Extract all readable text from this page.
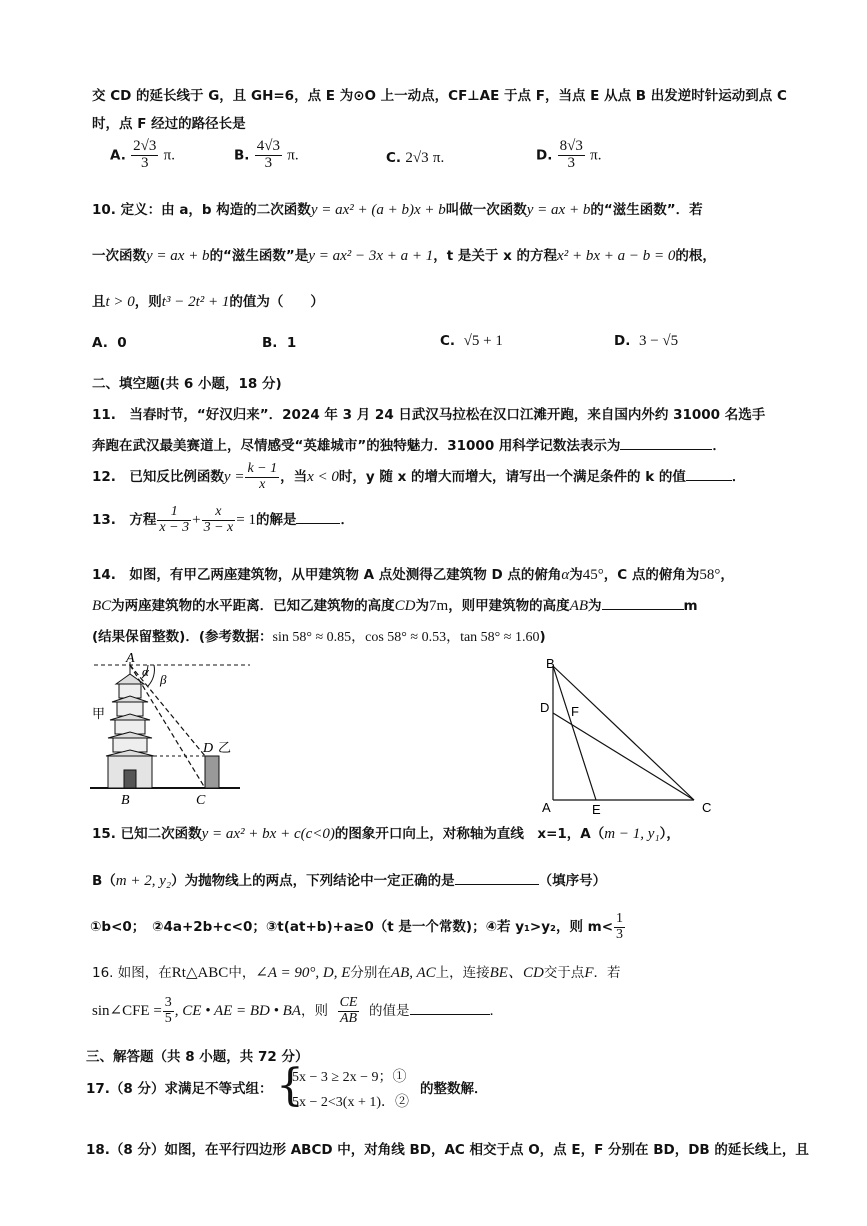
交 CD 的延长线于 G，且 GH=6，点 E 为⊙O 上一动点，CF⊥AE 于点 F，当点 E 从点 B 出发逆时针运动到点 C
时，点 F 经过的路径长是
A. $\frac{2√3}{3} \pi$.	B. $\frac{4√3}{3} \pi$.	C. 2√3 π.	D. $\frac{8√3}{3} \pi$.
10. 定义：由 a，b 构造的二次函数y = ax² + (a + b)x + b叫做一次函数y = ax + b的“滋生函数”．若
一次函数y = ax + b的“滋生函数”是y = ax² − 3x + a + 1，t 是关于 x 的方程x² + bx + a − b = 0的根，
且t > 0，则t³ − 2t² + 1的值为（　　）
A. 0	B. 1	C. √5 + 1	D. 3 − √5
二、填空题(共 6 小题，18 分)
11.　当春时节，“好汉归来”．2024 年 3 月 24 日武汉马拉松在汉口江滩开跑，来自国内外约 31000 名选手
奔跑在武汉最美赛道上，尽情感受“英雄城市”的独特魅力．31000 用科学记数法表示为	．
12.　已知反比例函数$y = \frac{k - 1}{x}$ ，当x < 0时，y 随 x 的增大而增大，请写出一个满足条件的 k 的值	．
13.　方程 $\frac{1}{x - 3} + \frac{x}{3 - x} = 1$的解是	．
14.　如图，有甲乙两座建筑物，从甲建筑物 A 点处测得乙建筑物 D 点的俯角α为45°，C 点的俯角为58°，
BC为两座建筑物的水平距离．已知乙建筑物的高度CD为7m，则甲建筑物的高度AB为	m
(结果保留整数)．(参考数据：sin 58° ≈ 0.85，cos 58° ≈ 0.53，tan 58° ≈ 1.60)
A
α
β
甲
D 乙
B	C
B
D F
A	E	C
15. 已知二次函数y = ax² + bx + c(c<0)的图象开口向上，对称轴为直线　x=1，A（m − 1, y₁），
B（m + 2, y₂）为抛物线上的两点，下列结论中一定正确的是	（填序号）
①b<0；　②4a+2b+c<0；③t(at+b)+a≥0（t 是一个常数)；④若 y₁>y₂，则 $m< \frac{1}{3}$
16. 如图，在Rt△ABC中，∠A = 90°, D, E分别在AB, AC上，连接BE、CD交于点F．若
sin∠CFE = $\frac{3}{5}$ , CE • AE = BD • BA，则 $\frac{CE}{AB}$ 的值是	．
三、解答题（共 8 小题，共 72 分）
17.（8 分）求满足不等式组： {
5x − 3 ≥ 2x − 9；①
5x − 2<3(x + 1)．②
的整数解．
18.（8 分）如图，在平行四边形 ABCD 中，对角线 BD，AC 相交于点 O，点 E，F 分别在 BD，DB 的延长线上，且
